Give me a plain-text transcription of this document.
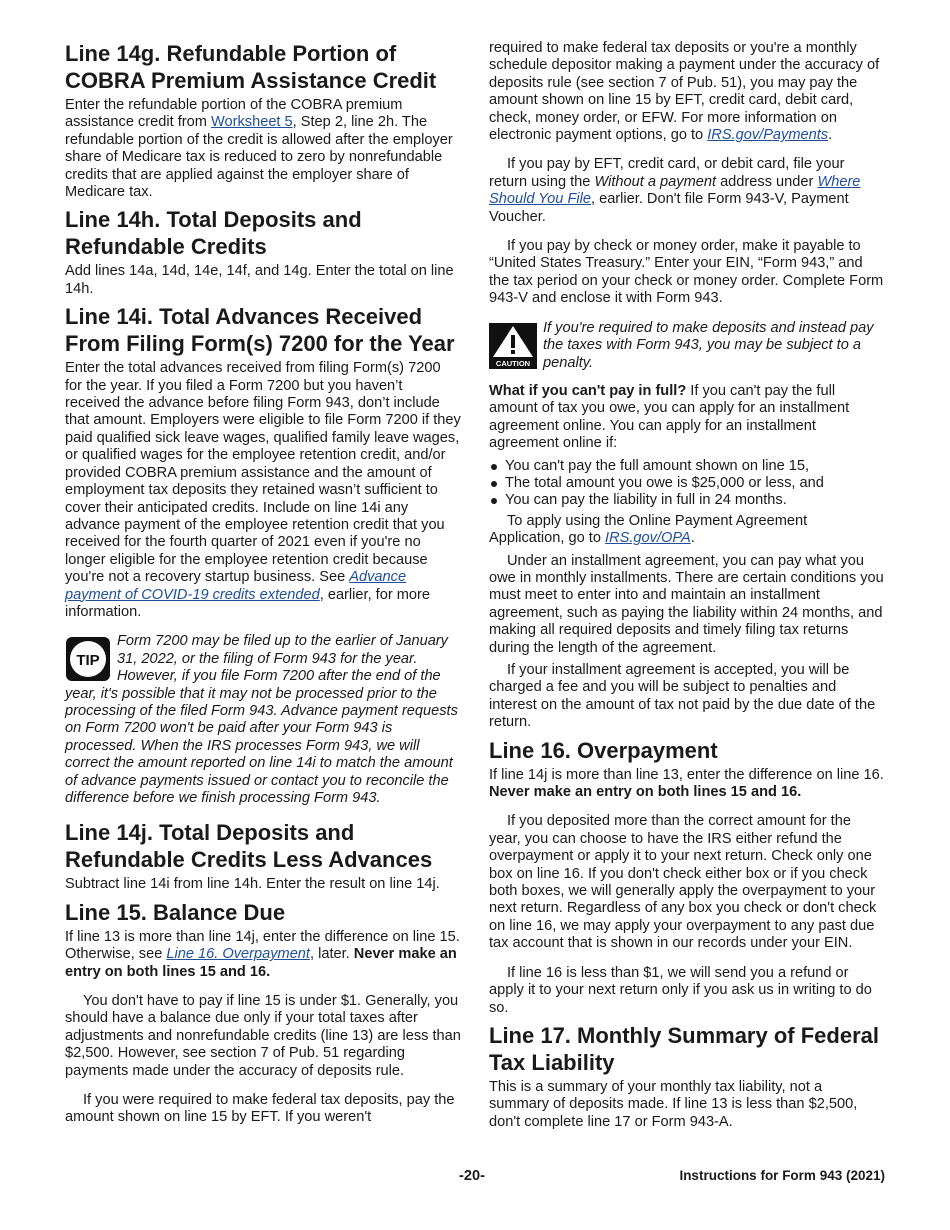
Line 14g. Refundable Portion of COBRA Premium Assistance Credit

Enter the refundable portion of the COBRA premium assistance credit from Worksheet 5, Step 2, line 2h. The refundable portion of the credit is allowed after the employer share of Medicare tax is reduced to zero by nonrefundable credits that are applied against the employer share of Medicare tax.

Line 14h. Total Deposits and Refundable Credits

Add lines 14a, 14d, 14e, 14f, and 14g. Enter the total on line 14h.

Line 14i. Total Advances Received From Filing Form(s) 7200 for the Year

Enter the total advances received from filing Form(s) 7200 for the year. If you filed a Form 7200 but you haven’t received the advance before filing Form 943, don’t include that amount. Employers were eligible to file Form 7200 if they paid qualified sick leave wages, qualified family leave wages, or qualified wages for the employee retention credit, and/or provided COBRA premium assistance and the amount of employment tax deposits they retained wasn’t sufficient to cover their anticipated credits. Include on line 14i any advance payment of the employee retention credit that you received for the fourth quarter of 2021 even if you're no longer eligible for the employee retention credit because you're not a recovery startup business. See Advance payment of COVID-19 credits extended, earlier, for more information.

TIP

Form 7200 may be filed up to the earlier of January 31, 2022, or the filing of Form 943 for the year. However, if you file Form 7200 after the end of the year, it's possible that it may not be processed prior to the processing of the filed Form 943. Advance payment requests on Form 7200 won't be paid after your Form 943 is processed. When the IRS processes Form 943, we will correct the amount reported on line 14i to match the amount of advance payments issued or contact you to reconcile the difference before we finish processing Form 943.

Line 14j. Total Deposits and Refundable Credits Less Advances

Subtract line 14i from line 14h. Enter the result on line 14j.

Line 15. Balance Due

If line 13 is more than line 14j, enter the difference on line 15. Otherwise, see Line 16. Overpayment, later. Never make an entry on both lines 15 and 16.

You don't have to pay if line 15 is under $1. Generally, you should have a balance due only if your total taxes after adjustments and nonrefundable credits (line 13) are less than $2,500. However, see section 7 of Pub. 51 regarding payments made under the accuracy of deposits rule.

If you were required to make federal tax deposits, pay the amount shown on line 15 by EFT. If you weren't

required to make federal tax deposits or you're a monthly schedule depositor making a payment under the accuracy of deposits rule (see section 7 of Pub. 51), you may pay the amount shown on line 15 by EFT, credit card, debit card, check, money order, or EFW. For more information on electronic payment options, go to IRS.gov/Payments.

If you pay by EFT, credit card, or debit card, file your return using the Without a payment address under Where Should You File, earlier. Don't file Form 943-V, Payment Voucher.

If you pay by check or money order, make it payable to “United States Treasury.” Enter your EIN, “Form 943,” and the tax period on your check or money order. Complete Form 943-V and enclose it with Form 943.

CAUTION

If you're required to make deposits and instead pay the taxes with Form 943, you may be subject to a penalty.

What if you can't pay in full? If you can't pay the full amount of tax you owe, you can apply for an installment agreement online. You can apply for an installment agreement online if:

You can't pay the full amount shown on line 15,
The total amount you owe is $25,000 or less, and
You can pay the liability in full in 24 months.

To apply using the Online Payment Agreement Application, go to IRS.gov/OPA.

Under an installment agreement, you can pay what you owe in monthly installments. There are certain conditions you must meet to enter into and maintain an installment agreement, such as paying the liability within 24 months, and making all required deposits and timely filing tax returns during the length of the agreement.

If your installment agreement is accepted, you will be charged a fee and you will be subject to penalties and interest on the amount of tax not paid by the due date of the return.

Line 16. Overpayment

If line 14j is more than line 13, enter the difference on line 16. Never make an entry on both lines 15 and 16.

If you deposited more than the correct amount for the year, you can choose to have the IRS either refund the overpayment or apply it to your next return. Check only one box on line 16. If you don't check either box or if you check both boxes, we will generally apply the overpayment to your next return. Regardless of any box you check or don't check on line 16, we may apply your overpayment to any past due tax account that is shown in our records under your EIN.

If line 16 is less than $1, we will send you a refund or apply it to your next return only if you ask us in writing to do so.

Line 17. Monthly Summary of Federal Tax Liability

This is a summary of your monthly tax liability, not a summary of deposits made. If line 13 is less than $2,500, don't complete line 17 or Form 943-A.

-20-	Instructions for Form 943 (2021)
